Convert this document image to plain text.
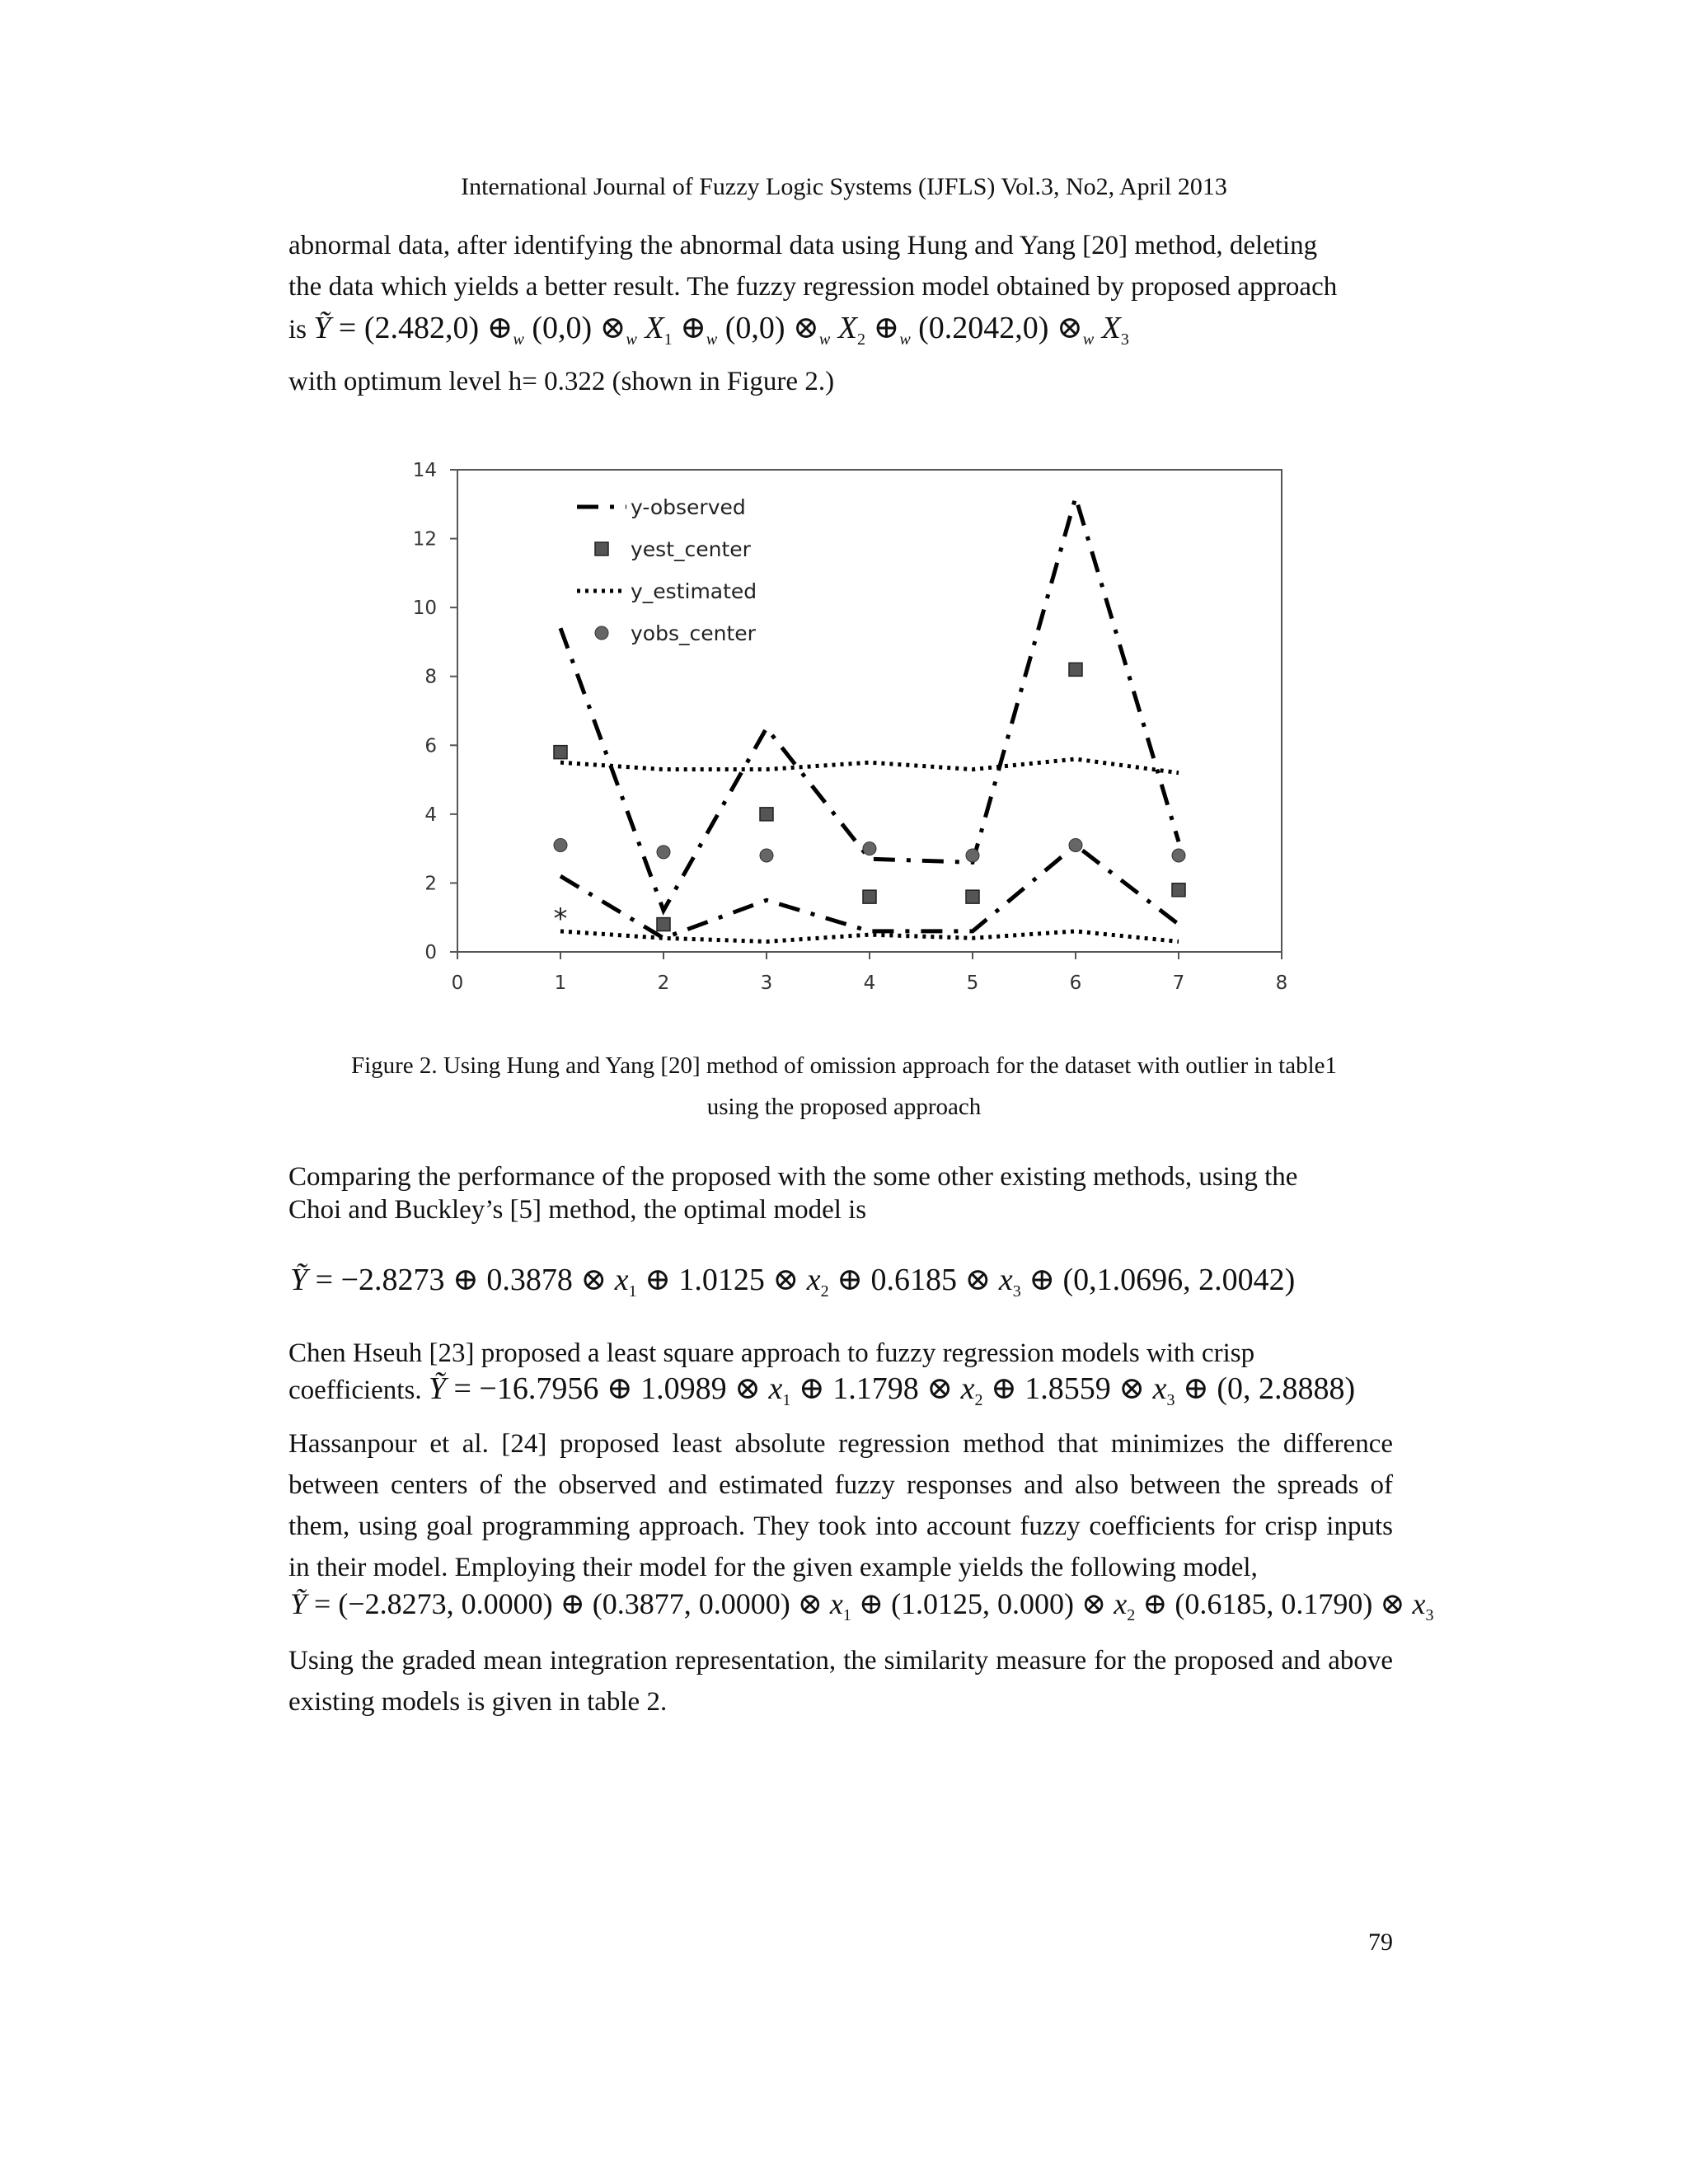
International Journal of Fuzzy Logic Systems (IJFLS) Vol.3, No2, April 2013
abnormal data, after identifying the abnormal data using Hung and Yang [20] method, deleting
the data which yields a better result. The fuzzy regression model obtained by proposed approach
is Ỹ = (2.482,0) $\oplus_w$ (0,0) $\otimes_w$ $X_1$ $\oplus_w$ (0,0) $\otimes_w$ $X_2$ $\oplus_w$ (0.2042,0) $\otimes_w$ $X_3$
with optimum level h= 0.322 (shown in Figure 2.)
0
2
4
6
8
10
12
14
0	1	2	3	4	5	6	7	8
*
y-observed
yest_center
y_estimated
yobs_center
Figure 2. Using Hung and Yang [20] method of omission approach for the dataset with outlier in table1
using the proposed approach
Comparing the performance of the proposed with the some other existing methods, using the
Choi and Buckley’s [5] method, the optimal model is
Ỹ = −2.8273 ⊕ 0.3878 ⊗ $x_1$ ⊕ 1.0125 ⊗ $x_2$ ⊕ 0.6185 ⊗ $x_3$ ⊕ (0,1.0696, 2.0042)
Chen Hseuh [23] proposed a least square approach to fuzzy regression models with crisp
coefficients. Ỹ = −16.7956 ⊕ 1.0989 ⊗ $x_1$ ⊕ 1.1798 ⊗ $x_2$ ⊕ 1.8559 ⊗ $x_3$ ⊕ (0, 2.8888)
Hassanpour et al. [24] proposed least absolute regression method that minimizes the difference between centers of the observed and estimated fuzzy responses and also between the spreads of them, using goal programming approach. They took into account fuzzy coefficients for crisp inputs in their model. Employing their model for the given example yields the following model,
Ỹ = (−2.8273, 0.0000) ⊕ (0.3877, 0.0000) ⊗ $x_1$ ⊕ (1.0125, 0.000) ⊗ $x_2$ ⊕ (0.6185, 0.1790) ⊗ $x_3$
Using the graded mean integration representation, the similarity measure for the proposed and above existing models is given in table 2.
79
